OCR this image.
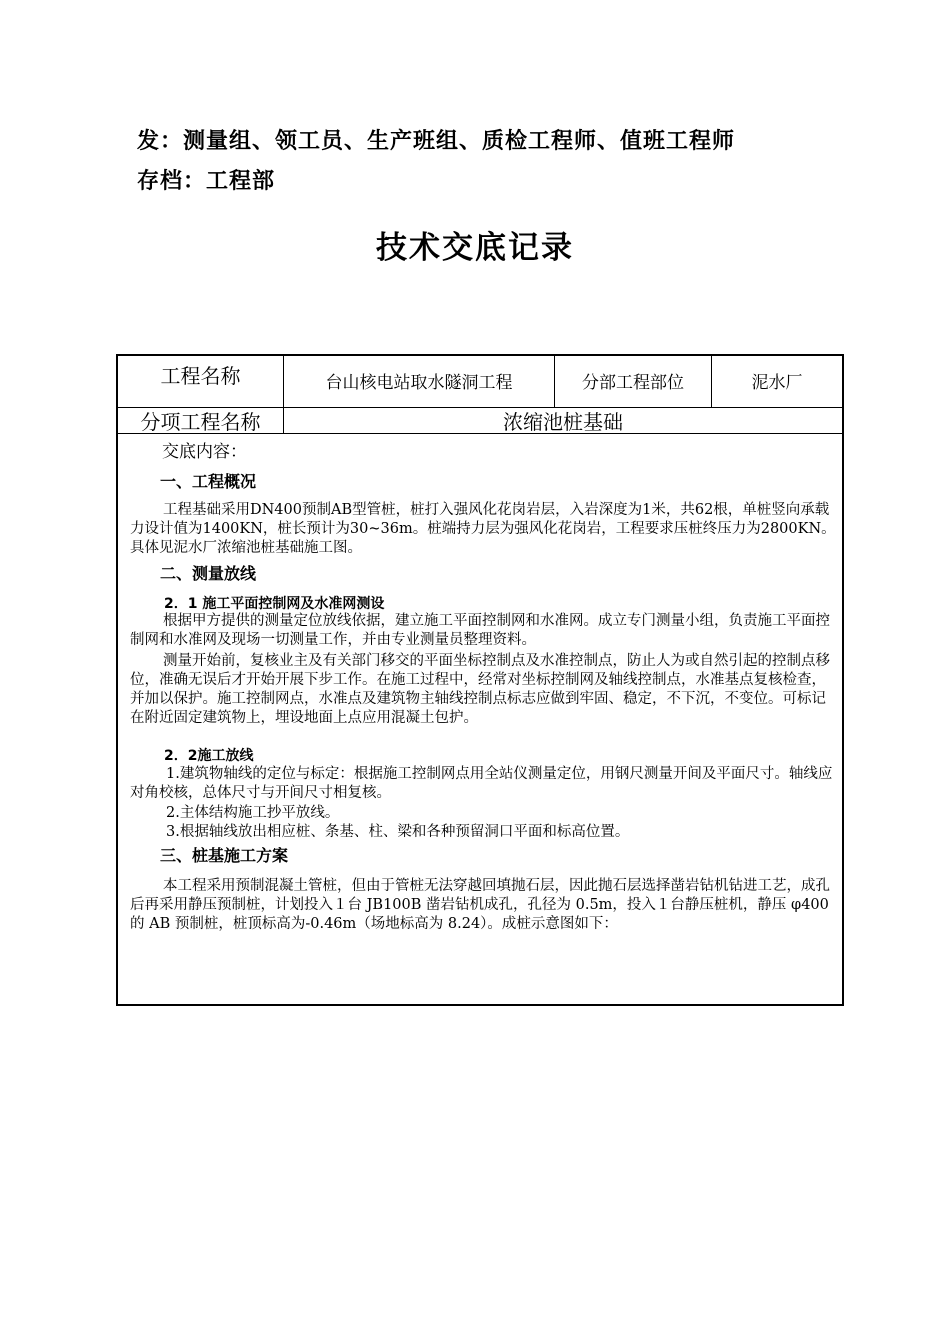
发：测量组、领工员、生产班组、质检工程师、值班工程师
存档：工程部
技术交底记录
工程名称	台山核电站取水隧洞工程	分部工程部位	泥水厂
分项工程名称	浓缩池桩基础
交底内容：
一、工程概况
工程基础采用DN400预制AB型管桩，桩打入强风化花岗岩层，入岩深度为1米，共62根，单桩竖向承载力设计值为1400KN，桩长预计为30~36m。桩端持力层为强风化花岗岩，工程要求压桩终压力为2800KN。具体见泥水厂浓缩池桩基础施工图。
二、测量放线
2．1 施工平面控制网及水准网测设
根据甲方提供的测量定位放线依据，建立施工平面控制网和水准网。成立专门测量小组，负责施工平面控制网和水准网及现场一切测量工作，并由专业测量员整理资料。
测量开始前，复核业主及有关部门移交的平面坐标控制点及水准控制点，防止人为或自然引起的控制点移位，准确无误后才开始开展下步工作。在施工过程中，经常对坐标控制网及轴线控制点，水准基点复核检查，并加以保护。施工控制网点，水准点及建筑物主轴线控制点标志应做到牢固、稳定，不下沉，不变位。可标记在附近固定建筑物上，埋设地面上点应用混凝土包护。
2．2施工放线
1.建筑物轴线的定位与标定：根据施工控制网点用全站仪测量定位，用钢尺测量开间及平面尺寸。轴线应对角校核，总体尺寸与开间尺寸相复核。
2.主体结构施工抄平放线。
3.根据轴线放出相应桩、条基、柱、梁和各种预留洞口平面和标高位置。
三、桩基施工方案
本工程采用预制混凝土管桩，但由于管桩无法穿越回填抛石层，因此抛石层选择凿岩钻机钻进工艺，成孔后再采用静压预制桩，计划投入１台 JB100B 凿岩钻机成孔，孔径为 0.5m，投入１台静压桩机，静压 φ400 的 AB 预制桩，桩顶标高为-0.46m（场地标高为 8.24）。成桩示意图如下：
